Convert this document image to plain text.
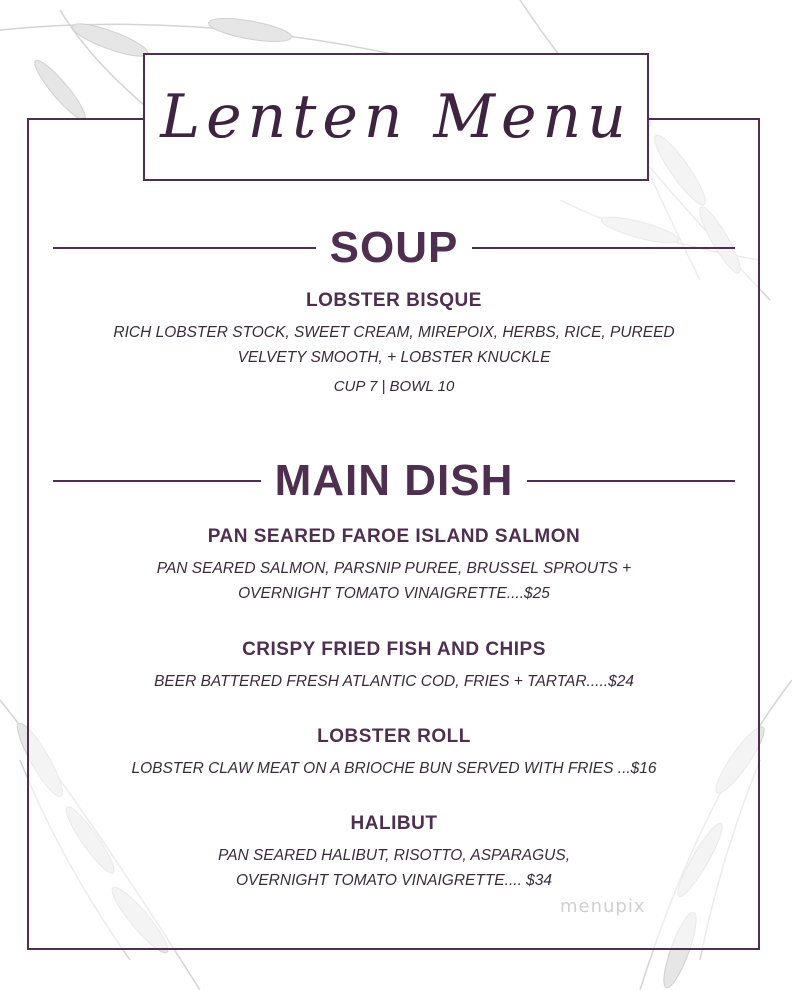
Lenten Menu
SOUP
LOBSTER BISQUE
RICH LOBSTER STOCK, SWEET CREAM, MIREPOIX, HERBS, RICE, PUREED
VELVETY SMOOTH, + LOBSTER KNUCKLE
CUP 7 | BOWL 10
MAIN DISH
PAN SEARED FAROE ISLAND SALMON
PAN SEARED SALMON, PARSNIP PUREE, BRUSSEL SPROUTS +
OVERNIGHT TOMATO VINAIGRETTE....$25
CRISPY FRIED FISH AND CHIPS
BEER BATTERED FRESH ATLANTIC COD, FRIES + TARTAR.....$24
LOBSTER ROLL
LOBSTER CLAW MEAT ON A BRIOCHE BUN SERVED WITH FRIES ...$16
HALIBUT
PAN SEARED HALIBUT, RISOTTO, ASPARAGUS,
OVERNIGHT TOMATO VINAIGRETTE.... $34
menupix
